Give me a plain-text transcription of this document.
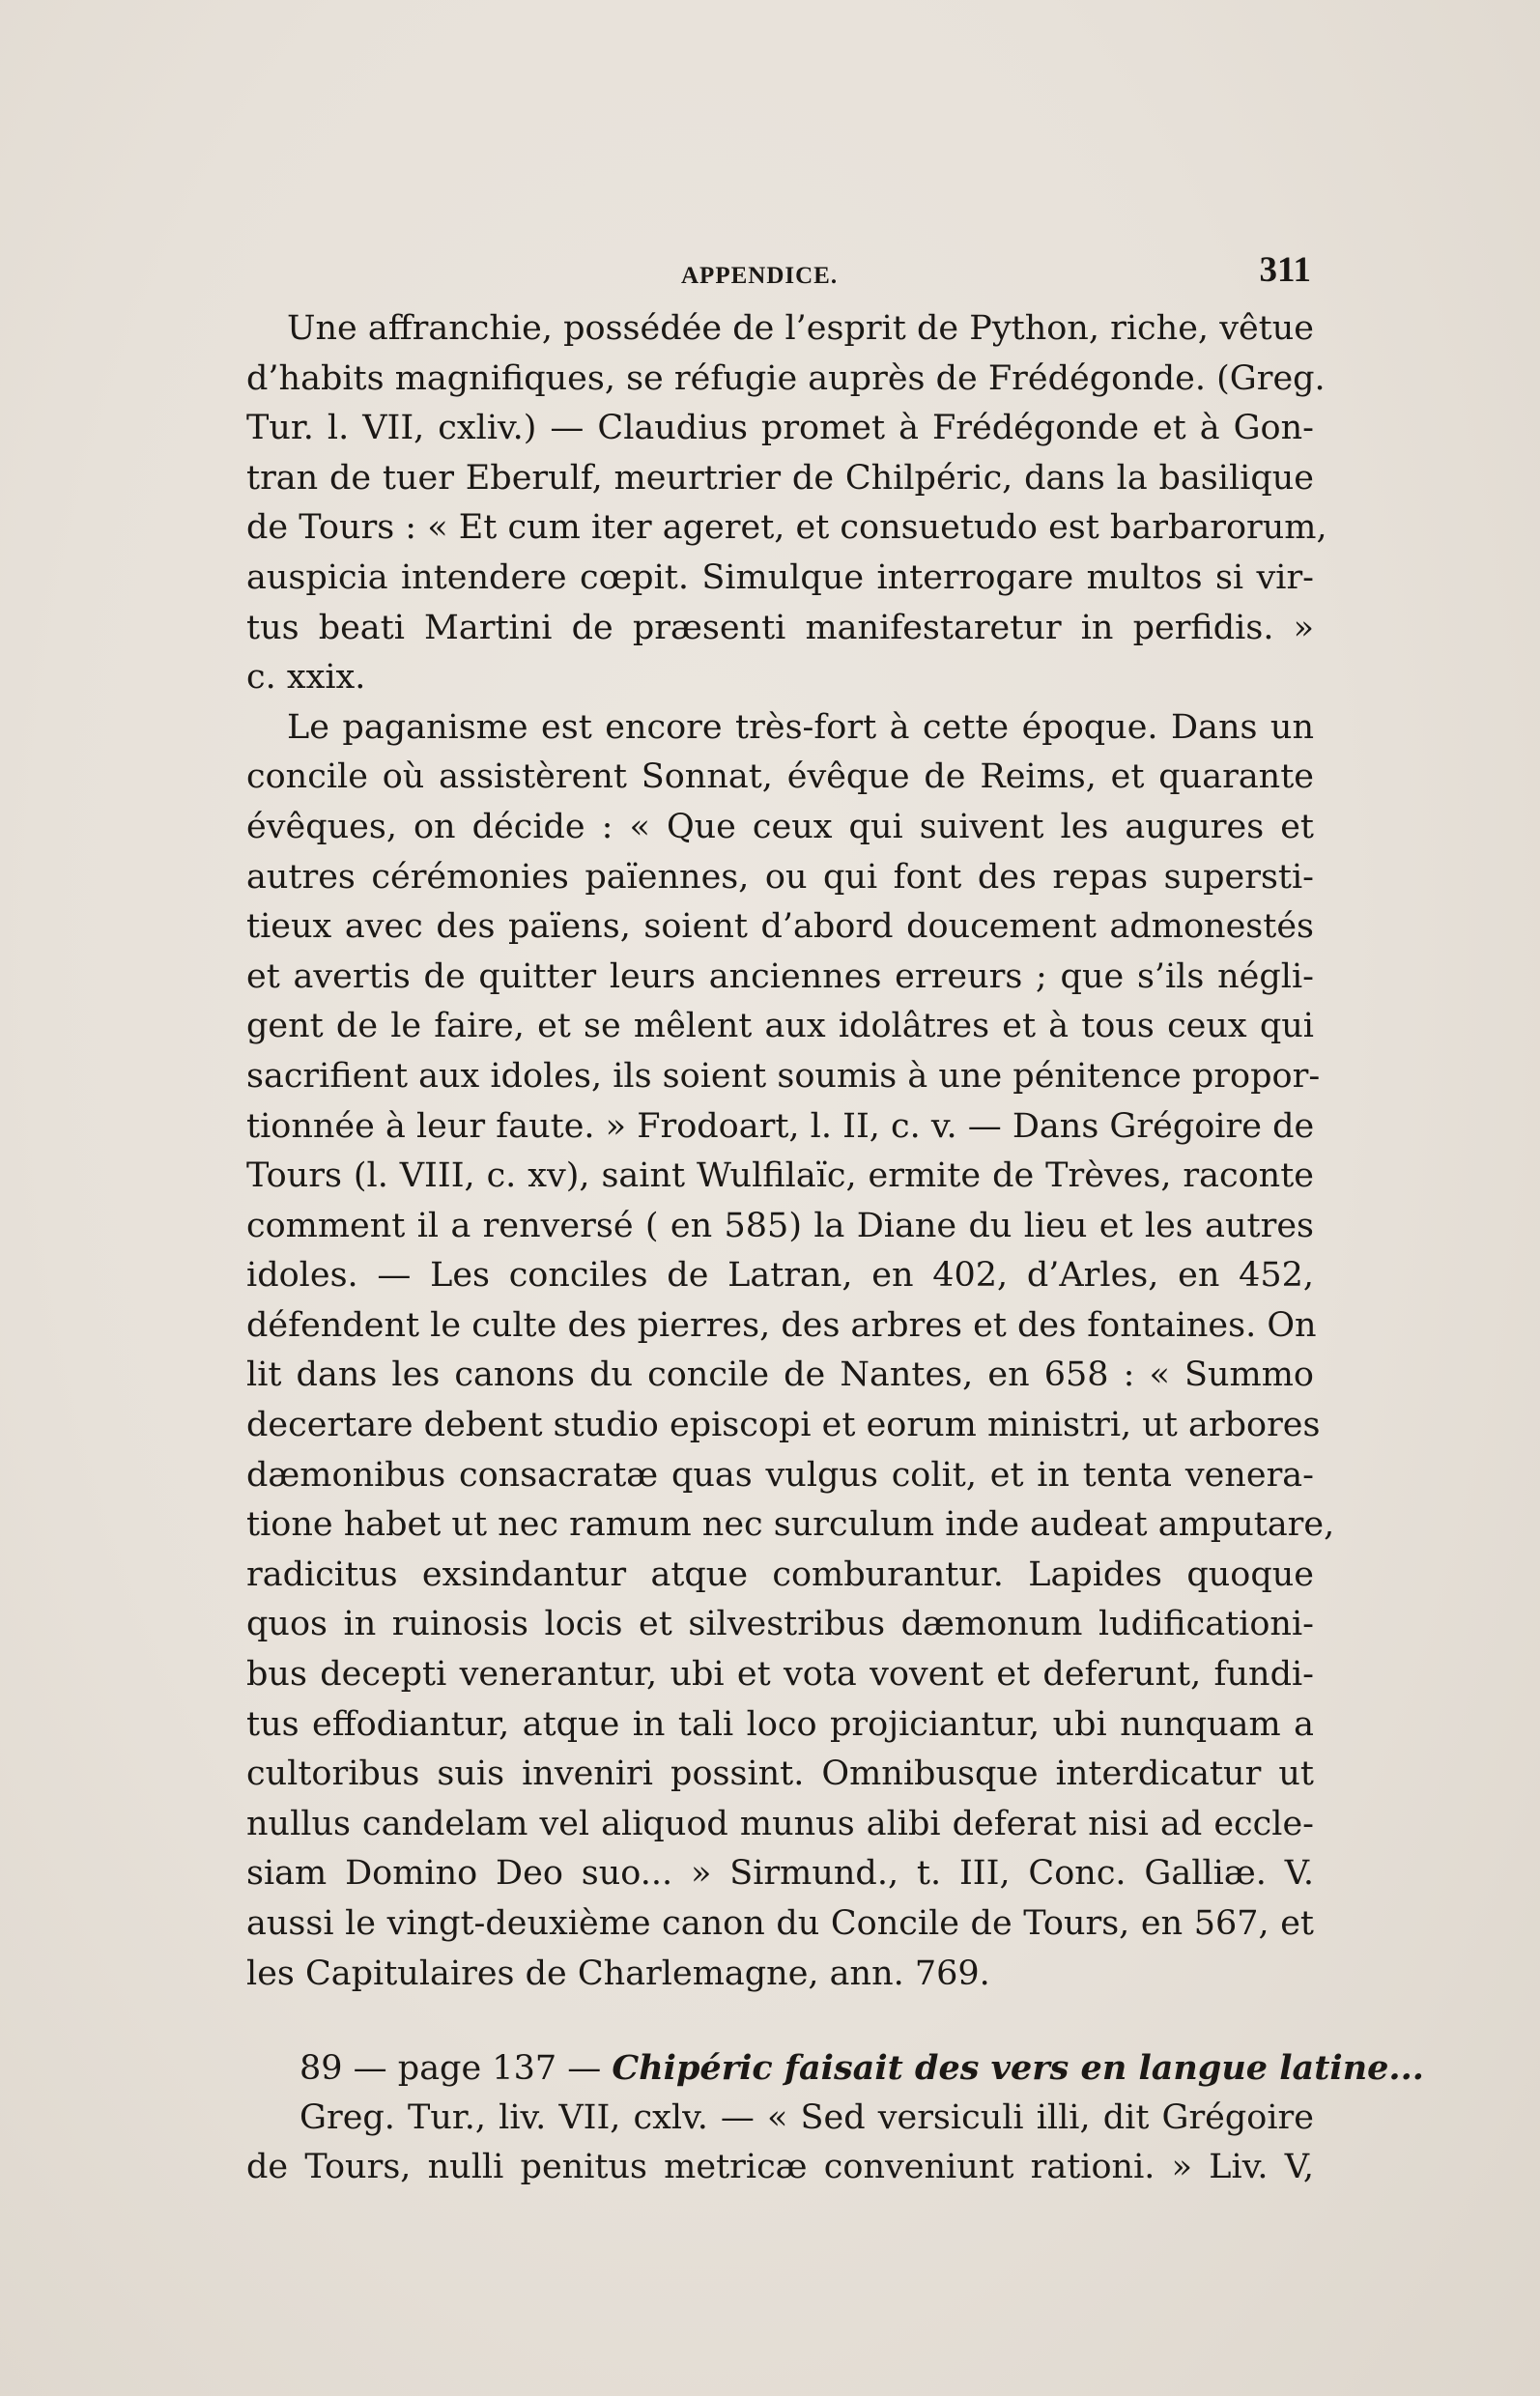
APPENDICE.	311
Une affranchie, possédée de l’esprit de Python, riche, vêtue
d’habits magnifiques, se réfugie auprès de Frédégonde. (Greg.
Tur. l. VII, cxliv.) — Claudius promet à Frédégonde et à Gon-
tran de tuer Eberulf, meurtrier de Chilpéric, dans la basilique
de Tours : « Et cum iter ageret, et consuetudo est barbarorum,
auspicia intendere cœpit. Simulque interrogare multos si vir-
tus beati Martini de præsenti manifestaretur in perfidis. »
c. xxix.
Le paganisme est encore très-fort à cette époque. Dans un
concile où assistèrent Sonnat, évêque de Reims, et quarante
évêques, on décide : « Que ceux qui suivent les augures et
autres cérémonies païennes, ou qui font des repas supersti-
tieux avec des païens, soient d’abord doucement admonestés
et avertis de quitter leurs anciennes erreurs ; que s’ils négli-
gent de le faire, et se mêlent aux idolâtres et à tous ceux qui
sacrifient aux idoles, ils soient soumis à une pénitence propor-
tionnée à leur faute. » Frodoart, l. II, c. v. — Dans Grégoire de
Tours (l. VIII, c. xv), saint Wulfilaïc, ermite de Trèves, raconte
comment il a renversé ( en 585) la Diane du lieu et les autres
idoles. — Les conciles de Latran, en 402, d’Arles, en 452,
défendent le culte des pierres, des arbres et des fontaines. On
lit dans les canons du concile de Nantes, en 658 : « Summo
decertare debent studio episcopi et eorum ministri, ut arbores
dæmonibus consacratæ quas vulgus colit, et in tenta venera-
tione habet ut nec ramum nec surculum inde audeat amputare,
radicitus exsindantur atque comburantur. Lapides quoque
quos in ruinosis locis et silvestribus dæmonum ludificationi-
bus decepti venerantur, ubi et vota vovent et deferunt, fundi-
tus effodiantur, atque in tali loco projiciantur, ubi nunquam a
cultoribus suis inveniri possint. Omnibusque interdicatur ut
nullus candelam vel aliquod munus alibi deferat nisi ad eccle-
siam Domino Deo suo... » Sirmund., t. III, Conc. Galliæ. V.
aussi le vingt-deuxième canon du Concile de Tours, en 567, et
les Capitulaires de Charlemagne, ann. 769.
89 — page 137 — Chipéric faisait des vers en langue latine...
Greg. Tur., liv. VII, cxlv. — « Sed versiculi illi, dit Grégoire
de Tours, nulli penitus metricæ conveniunt rationi. » Liv. V,
